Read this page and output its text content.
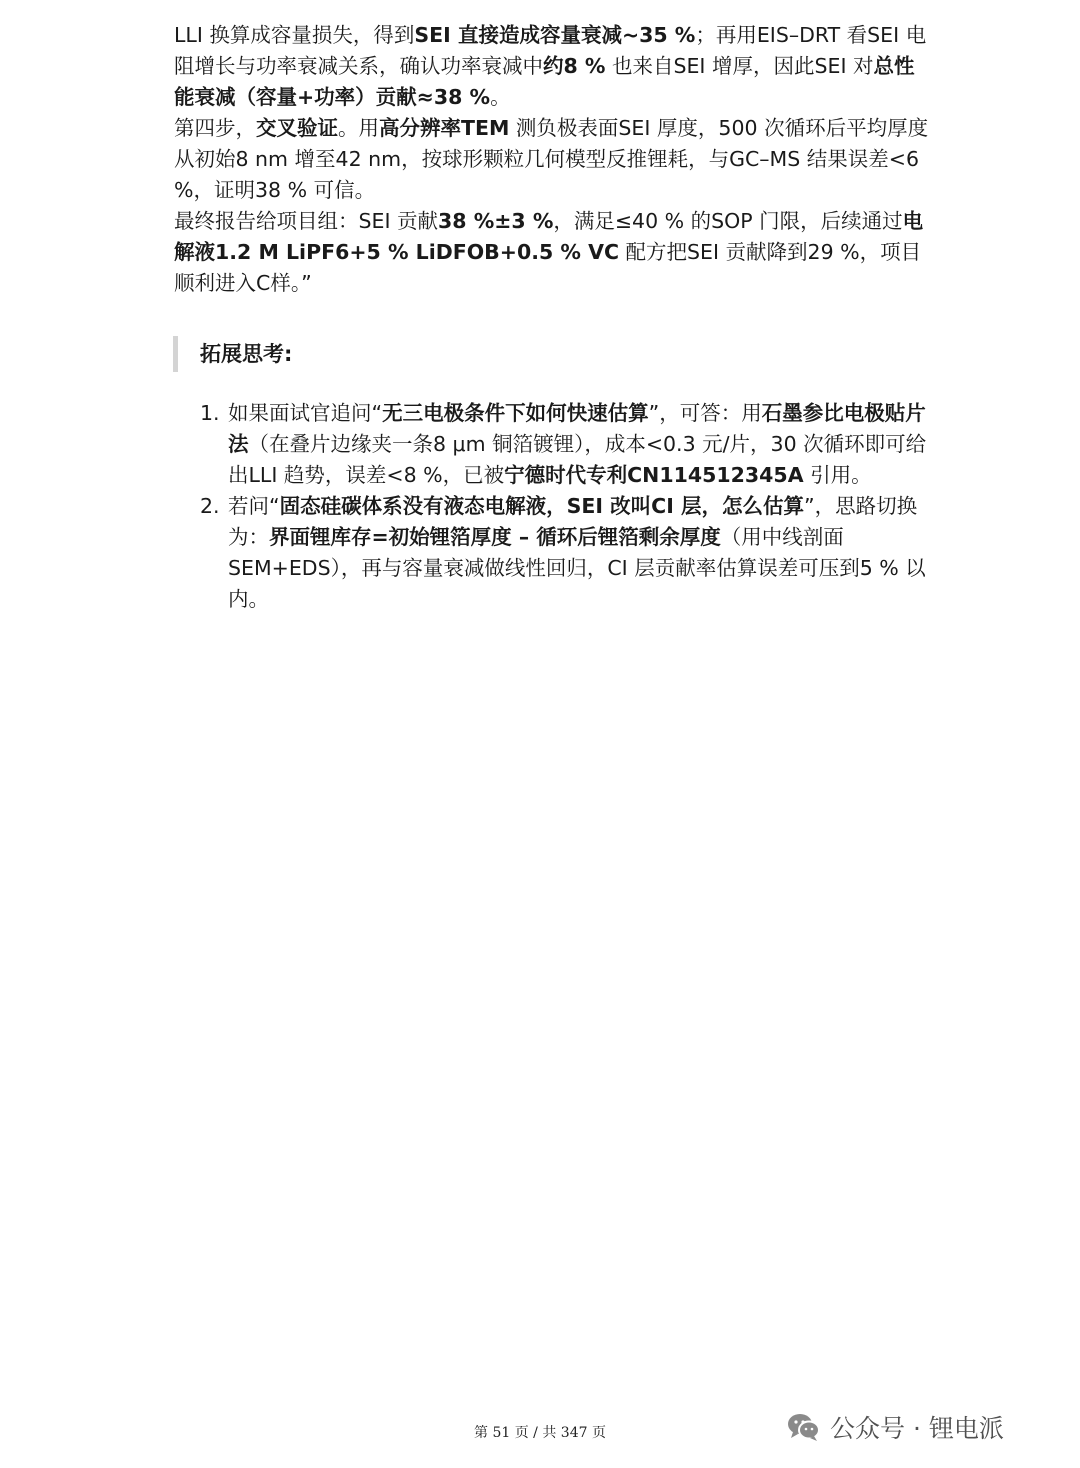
LLI 换算成容量损失，得到SEI 直接造成容量衰减~35 %；再用EIS–DRT 看SEI 电阻增长与功率衰减关系，确认功率衰减中约8 % 也来自SEI 增厚，因此SEI 对总性能衰减（容量+功率）贡献≈38 %。

第四步，交叉验证。用高分辨率TEM 测负极表面SEI 厚度，500 次循环后平均厚度从初始8 nm 增至42 nm，按球形颗粒几何模型反推锂耗，与GC–MS 结果误差<6 %，证明38 % 可信。

最终报告给项目组：SEI 贡献38 %±3 %，满足≤40 % 的SOP 门限，后续通过电解液1.2 M LiPF6+5 % LiDFOB+0.5 % VC 配方把SEI 贡献降到29 %，项目顺利进入C样。”

拓展思考:
1. 如果面试官追问“无三电极条件下如何快速估算”，可答：用石墨参比电极贴片法（在叠片边缘夹一条8 μm 铜箔镀锂），成本<0.3 元/片，30 次循环即可给出LLI 趋势，误差<8 %，已被宁德时代专利CN114512345A 引用。
2. 若问“固态硅碳体系没有液态电解液，SEI 改叫CI 层，怎么估算”，思路切换为：界面锂库存=初始锂箔厚度 – 循环后锂箔剩余厚度（用中线剖面SEM+EDS），再与容量衰减做线性回归，CI 层贡献率估算误差可压到5 % 以内。
第 51 页 / 共 347 页	公众号 · 锂电派
